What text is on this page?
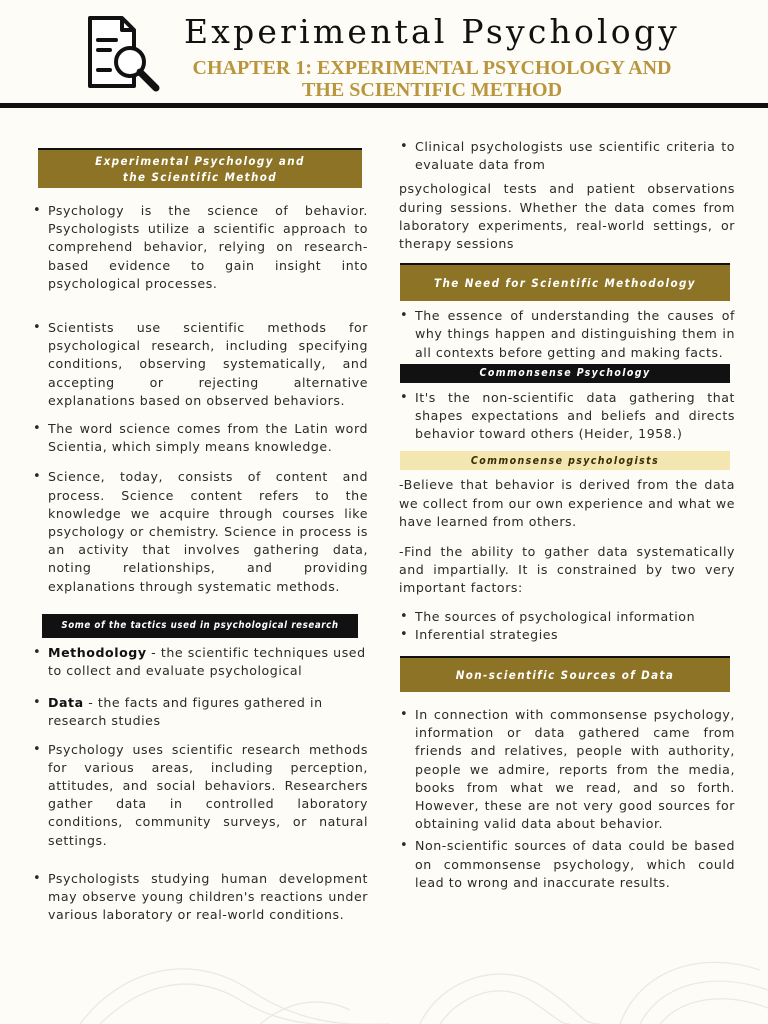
Experimental Psychology
CHAPTER 1: EXPERIMENTAL PSYCHOLOGY AND
THE SCIENTIFIC METHOD
Experimental Psychology and
the Scientific Method
• Psychology is the science of behavior. Psychologists utilize a scientific approach to comprehend behavior, relying on research-based evidence to gain insight into psychological processes.
• Scientists use scientific methods for psychological research, including specifying conditions, observing systematically, and accepting or rejecting alternative explanations based on observed behaviors.
• The word science comes from the Latin word Scientia, which simply means knowledge.
• Science, today, consists of content and process. Science content refers to the knowledge we acquire through courses like psychology or chemistry. Science in process is an activity that involves gathering data, noting relationships, and providing explanations through systematic methods.
Some of the tactics used in psychological research
• Methodology - the scientific techniques used to collect and evaluate psychological
• Data - the facts and figures gathered in research studies
• Psychology uses scientific research methods for various areas, including perception, attitudes, and social behaviors. Researchers gather data in controlled laboratory conditions, community surveys, or natural settings.
• Psychologists studying human development may observe young children's reactions under various laboratory or real-world conditions.
• Clinical psychologists use scientific criteria to evaluate data from

psychological tests and patient observations during sessions. Whether the data comes from laboratory experiments, real-world settings, or therapy sessions

The Need for Scientific Methodology
• The essence of understanding the causes of why things happen and distinguishing them in all contexts before getting and making facts.
Commonsense Psychology
• It's the non-scientific data gathering that shapes expectations and beliefs and directs behavior toward others (Heider, 1958.)
Commonsense psychologists

-Believe that behavior is derived from the data we collect from our own experience and what we have learned from others.

-Find the ability to gather data systematically and impartially. It is constrained by two very important factors:

• The sources of psychological information
• Inferential strategies
Non-scientific Sources of Data
• In connection with commonsense psychology, information or data gathered came from friends and relatives, people with authority, people we admire, reports from the media, books from what we read, and so forth. However, these are not very good sources for obtaining valid data about behavior.
• Non-scientific sources of data could be based on commonsense psychology, which could lead to wrong and inaccurate results.
